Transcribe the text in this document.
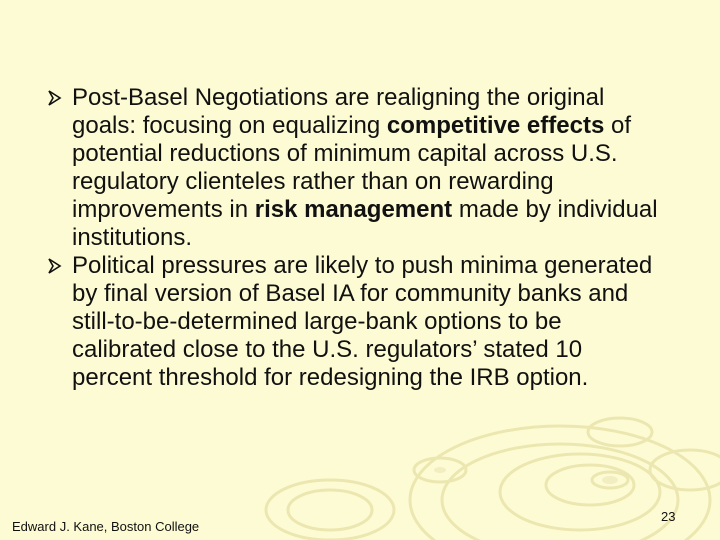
Post-Basel Negotiations are realigning the original goals: focusing on equalizing competitive effects of potential reductions of minimum capital across U.S. regulatory clienteles rather than on rewarding improvements in risk management made by individual institutions.
Political pressures are likely to push minima generated by final version of Basel IA for community banks and still-to-be-determined large-bank options to be calibrated close to the U.S. regulators’ stated 10 percent threshold for redesigning the IRB option.
Edward J. Kane, Boston College
23
